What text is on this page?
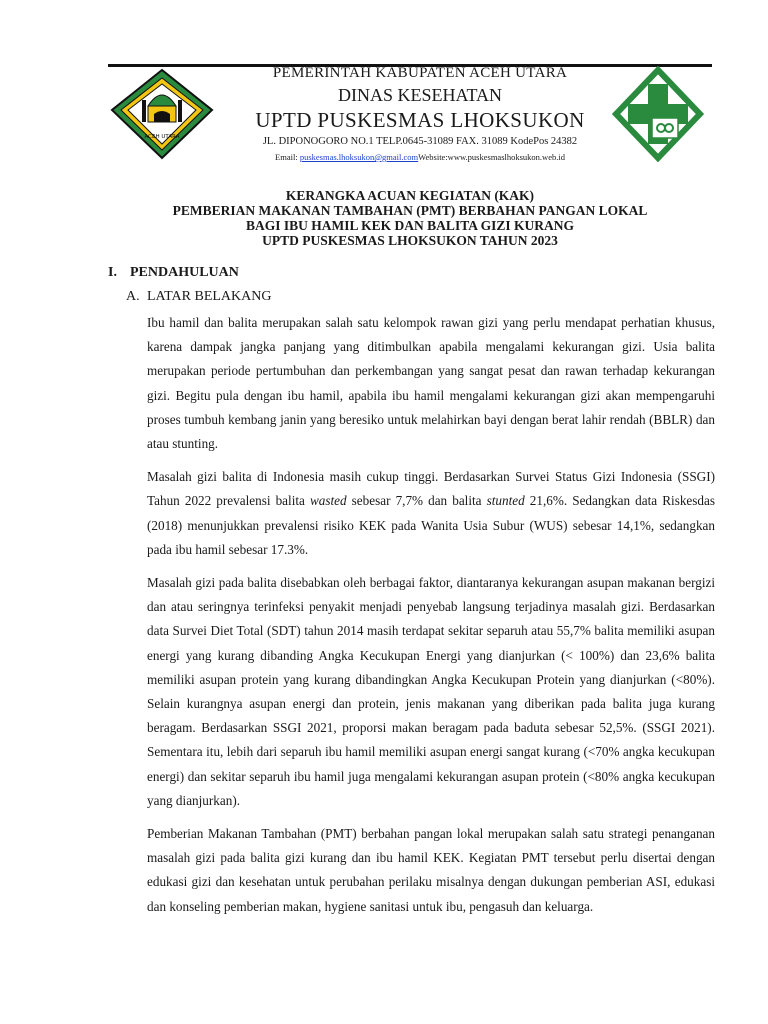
ACEH UTARA
PEMERINTAH KABUPATEN ACEH UTARA
DINAS KESEHATAN
UPTD PUSKESMAS LHOKSUKON
JL. DIPONOGORO NO.1 TELP.0645-31089 FAX. 31089 KodePos 24382
Email: puskesmas.lhoksukon@gmail.comWebsite:www.puskesmaslhoksukon.web.id
KERANGKA ACUAN KEGIATAN (KAK)
PEMBERIAN MAKANAN TAMBAHAN (PMT) BERBAHAN PANGAN LOKAL
BAGI IBU HAMIL KEK DAN BALITA GIZI KURANG
UPTD PUSKESMAS LHOKSUKON TAHUN 2023
I. PENDAHULUAN
A. LATAR BELAKANG

Ibu hamil dan balita merupakan salah satu kelompok rawan gizi yang perlu mendapat perhatian khusus, karena dampak jangka panjang yang ditimbulkan apabila mengalami kekurangan gizi. Usia balita merupakan periode pertumbuhan dan perkembangan yang sangat pesat dan rawan terhadap kekurangan gizi. Begitu pula dengan ibu hamil, apabila ibu hamil mengalami kekurangan gizi akan mempengaruhi proses tumbuh kembang janin yang beresiko untuk melahirkan bayi dengan berat lahir rendah (BBLR) dan atau stunting.

Masalah gizi balita di Indonesia masih cukup tinggi. Berdasarkan Survei Status Gizi Indonesia (SSGI) Tahun 2022 prevalensi balita wasted sebesar 7,7% dan balita stunted 21,6%. Sedangkan data Riskesdas (2018) menunjukkan prevalensi risiko KEK pada Wanita Usia Subur (WUS) sebesar 14,1%, sedangkan pada ibu hamil sebesar 17.3%.

Masalah gizi pada balita disebabkan oleh berbagai faktor, diantaranya kekurangan asupan makanan bergizi dan atau seringnya terinfeksi penyakit menjadi penyebab langsung terjadinya masalah gizi. Berdasarkan data Survei Diet Total (SDT) tahun 2014 masih terdapat sekitar separuh atau 55,7% balita memiliki asupan energi yang kurang dibanding Angka Kecukupan Energi yang dianjurkan (< 100%) dan 23,6% balita memiliki asupan protein yang kurang dibandingkan Angka Kecukupan Protein yang dianjurkan (<80%). Selain kurangnya asupan energi dan protein, jenis makanan yang diberikan pada balita juga kurang beragam. Berdasarkan SSGI 2021, proporsi makan beragam pada baduta sebesar 52,5%. (SSGI 2021). Sementara itu, lebih dari separuh ibu hamil memiliki asupan energi sangat kurang (<70% angka kecukupan energi) dan sekitar separuh ibu hamil juga mengalami kekurangan asupan protein (<80% angka kecukupan yang dianjurkan).

Pemberian Makanan Tambahan (PMT) berbahan pangan lokal merupakan salah satu strategi penanganan masalah gizi pada balita gizi kurang dan ibu hamil KEK. Kegiatan PMT tersebut perlu disertai dengan edukasi gizi dan kesehatan untuk perubahan perilaku misalnya dengan dukungan pemberian ASI, edukasi dan konseling pemberian makan, hygiene sanitasi untuk ibu, pengasuh dan keluarga.
